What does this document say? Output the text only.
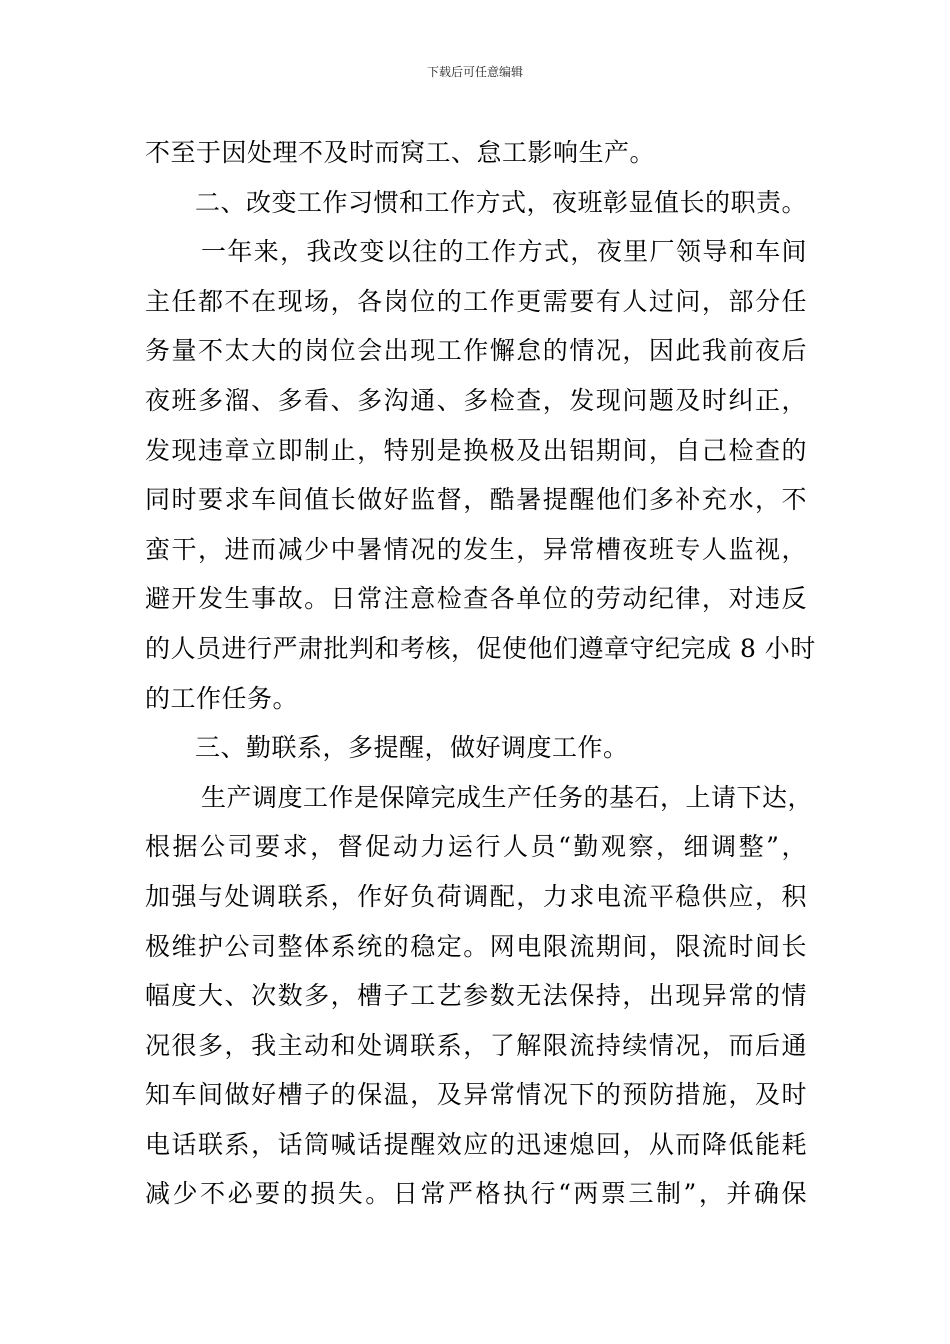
下载后可任意编辑
不至于因处理不及时而窝工、怠工影响生产。
二、改变工作习惯和工作方式，夜班彰显值长的职责。
一年来，我改变以往的工作方式，夜里厂领导和车间
主任都不在现场，各岗位的工作更需要有人过问，部分任
务量不太大的岗位会出现工作懈怠的情况，因此我前夜后
夜班多溜、多看、多沟通、多检查，发现问题及时纠正，
发现违章立即制止，特别是换极及出铝期间，自己检查的
同时要求车间值长做好监督，酷暑提醒他们多补充水，不
蛮干，进而减少中暑情况的发生，异常槽夜班专人监视，
避开发生事故。日常注意检查各单位的劳动纪律，对违反
的人员进行严肃批判和考核，促使他们遵章守纪完成 8 小时
的工作任务。
三、勤联系，多提醒，做好调度工作。
生产调度工作是保障完成生产任务的基石，上请下达，
根据公司要求，督促动力运行人员“勤观察，细调整”，
加强与处调联系，作好负荷调配，力求电流平稳供应，积
极维护公司整体系统的稳定。网电限流期间，限流时间长
幅度大、次数多，槽子工艺参数无法保持，出现异常的情
况很多，我主动和处调联系，了解限流持续情况，而后通
知车间做好槽子的保温，及异常情况下的预防措施，及时
电话联系，话筒喊话提醒效应的迅速熄回，从而降低能耗
减少不必要的损失。日常严格执行“两票三制”，并确保
